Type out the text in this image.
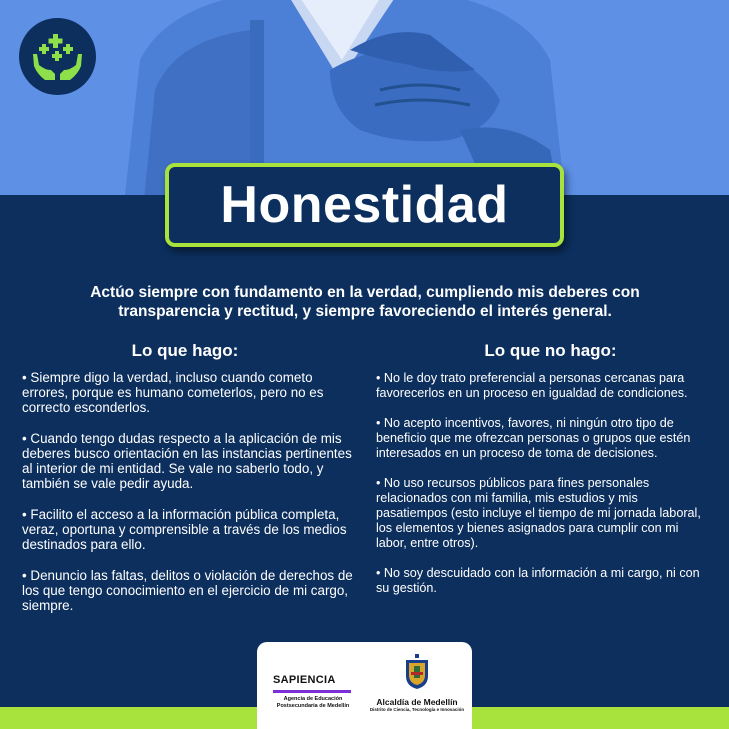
Honestidad
Actúo siempre con fundamento en la verdad, cumpliendo mis deberes con transparencia y rectitud, y siempre favoreciendo el interés general.
Lo que hago:	Lo que no hago:

• Siempre digo la verdad, incluso cuando cometo errores, porque es humano cometerlos, pero no es correcto esconderlos.

• Cuando tengo dudas respecto a la aplicación de mis deberes busco orientación en las instancias pertinentes al interior de mi entidad. Se vale no saberlo todo, y también se vale pedir ayuda.

• Facilito el acceso a la información pública completa, veraz, oportuna y comprensible a través de los medios destinados para ello.

• Denuncio las faltas, delitos o violación de derechos de los que tengo conocimiento en el ejercicio de mi cargo, siempre.

• No le doy trato preferencial a personas cercanas para favorecerlos en un proceso en igualdad de condiciones.

• No acepto incentivos, favores, ni ningún otro tipo de beneficio que me ofrezcan personas o grupos que estén interesados en un proceso de toma de decisiones.

• No uso recursos públicos para fines personales relacionados con mi familia, mis estudios y mis pasatiempos (esto incluye el tiempo de mi jornada laboral, los elementos y bienes asignados para cumplir con mi labor, entre otros).

• No soy descuidado con la información a mi cargo, ni con su gestión.

SAPIENCIA
Agencia de Educación Postsecundaria de Medellín	Alcaldía de Medellín
Distrito de Ciencia, Tecnología e Innovación
